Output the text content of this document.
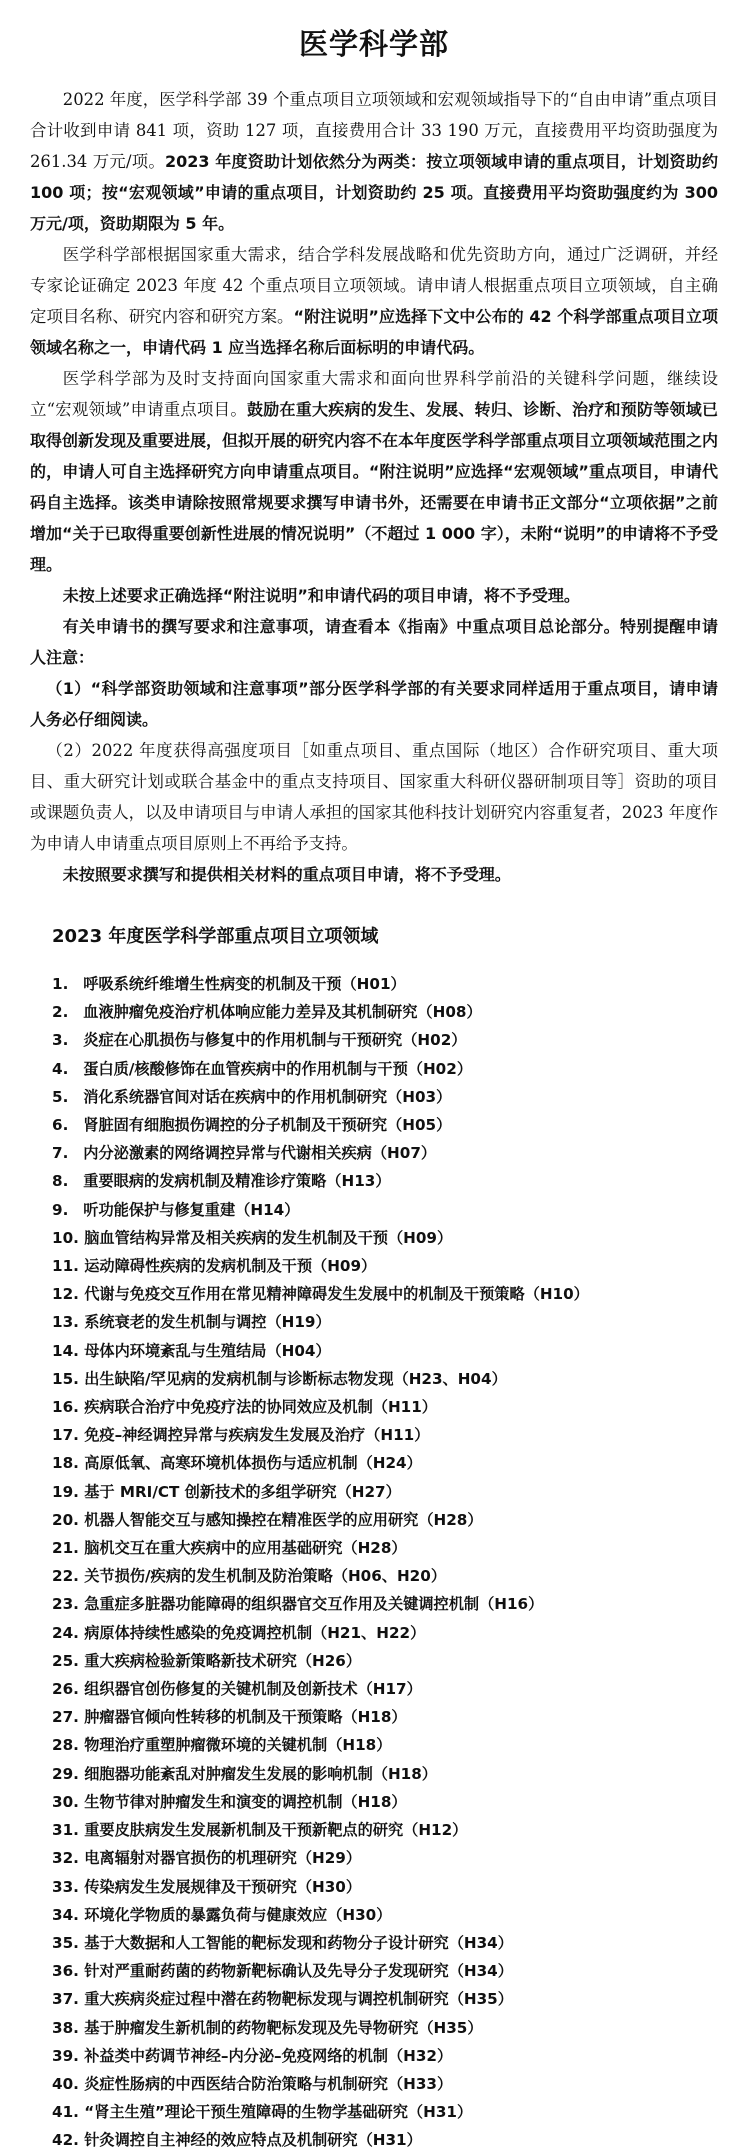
医学科学部

2022 年度，医学科学部 39 个重点项目立项领域和宏观领域指导下的“自由申请”重点项目合计收到申请 841 项，资助 127 项，直接费用合计 33 190 万元，直接费用平均资助强度为 261.34 万元/项。2023 年度资助计划依然分为两类：按立项领域申请的重点项目，计划资助约 100 项；按“宏观领域”申请的重点项目，计划资助约 25 项。直接费用平均资助强度约为 300 万元/项，资助期限为 5 年。

医学科学部根据国家重大需求，结合学科发展战略和优先资助方向，通过广泛调研，并经专家论证确定 2023 年度 42 个重点项目立项领域。请申请人根据重点项目立项领域，自主确定项目名称、研究内容和研究方案。“附注说明”应选择下文中公布的 42 个科学部重点项目立项领域名称之一，申请代码 1 应当选择名称后面标明的申请代码。

医学科学部为及时支持面向国家重大需求和面向世界科学前沿的关键科学问题，继续设立“宏观领域”申请重点项目。鼓励在重大疾病的发生、发展、转归、诊断、治疗和预防等领域已取得创新发现及重要进展，但拟开展的研究内容不在本年度医学科学部重点项目立项领域范围之内的，申请人可自主选择研究方向申请重点项目。“附注说明”应选择“宏观领域”重点项目，申请代码自主选择。该类申请除按照常规要求撰写申请书外，还需要在申请书正文部分“立项依据”之前增加“关于已取得重要创新性进展的情况说明”（不超过 1 000 字），未附“说明”的申请将不予受理。

未按上述要求正确选择“附注说明”和申请代码的项目申请，将不予受理。

有关申请书的撰写要求和注意事项，请查看本《指南》中重点项目总论部分。特别提醒申请人注意：

（1）“科学部资助领域和注意事项”部分医学科学部的有关要求同样适用于重点项目，请申请人务必仔细阅读。

（2）2022 年度获得高强度项目［如重点项目、重点国际（地区）合作研究项目、重大项目、重大研究计划或联合基金中的重点支持项目、国家重大科研仪器研制项目等］资助的项目或课题负责人，以及申请项目与申请人承担的国家其他科技计划研究内容重复者，2023 年度作为申请人申请重点项目原则上不再给予支持。

未按照要求撰写和提供相关材料的重点项目申请，将不予受理。

2023 年度医学科学部重点项目立项领域
1. 呼吸系统纤维增生性病变的机制及干预（H01）
2. 血液肿瘤免疫治疗机体响应能力差异及其机制研究（H08）
3. 炎症在心肌损伤与修复中的作用机制与干预研究（H02）
4. 蛋白质/核酸修饰在血管疾病中的作用机制与干预（H02）
5. 消化系统器官间对话在疾病中的作用机制研究（H03）
6. 肾脏固有细胞损伤调控的分子机制及干预研究（H05）
7. 内分泌激素的网络调控异常与代谢相关疾病（H07）
8. 重要眼病的发病机制及精准诊疗策略（H13）
9. 听功能保护与修复重建（H14）
10. 脑血管结构异常及相关疾病的发生机制及干预（H09）
11. 运动障碍性疾病的发病机制及干预（H09）
12. 代谢与免疫交互作用在常见精神障碍发生发展中的机制及干预策略（H10）
13. 系统衰老的发生机制与调控（H19）
14. 母体内环境紊乱与生殖结局（H04）
15. 出生缺陷/罕见病的发病机制与诊断标志物发现（H23、H04）
16. 疾病联合治疗中免疫疗法的协同效应及机制（H11）
17. 免疫–神经调控异常与疾病发生发展及治疗（H11）
18. 高原低氧、高寒环境机体损伤与适应机制（H24）
19. 基于 MRI/CT 创新技术的多组学研究（H27）
20. 机器人智能交互与感知操控在精准医学的应用研究（H28）
21. 脑机交互在重大疾病中的应用基础研究（H28）
22. 关节损伤/疾病的发生机制及防治策略（H06、H20）
23. 急重症多脏器功能障碍的组织器官交互作用及关键调控机制（H16）
24. 病原体持续性感染的免疫调控机制（H21、H22）
25. 重大疾病检验新策略新技术研究（H26）
26. 组织器官创伤修复的关键机制及创新技术（H17）
27. 肿瘤器官倾向性转移的机制及干预策略（H18）
28. 物理治疗重塑肿瘤微环境的关键机制（H18）
29. 细胞器功能紊乱对肿瘤发生发展的影响机制（H18）
30. 生物节律对肿瘤发生和演变的调控机制（H18）
31. 重要皮肤病发生发展新机制及干预新靶点的研究（H12）
32. 电离辐射对器官损伤的机理研究（H29）
33. 传染病发生发展规律及干预研究（H30）
34. 环境化学物质的暴露负荷与健康效应（H30）
35. 基于大数据和人工智能的靶标发现和药物分子设计研究（H34）
36. 针对严重耐药菌的药物新靶标确认及先导分子发现研究（H34）
37. 重大疾病炎症过程中潜在药物靶标发现与调控机制研究（H35）
38. 基于肿瘤发生新机制的药物靶标发现及先导物研究（H35）
39. 补益类中药调节神经–内分泌–免疫网络的机制（H32）
40. 炎症性肠病的中西医结合防治策略与机制研究（H33）
41. “肾主生殖”理论干预生殖障碍的生物学基础研究（H31）
42. 针灸调控自主神经的效应特点及机制研究（H31）
